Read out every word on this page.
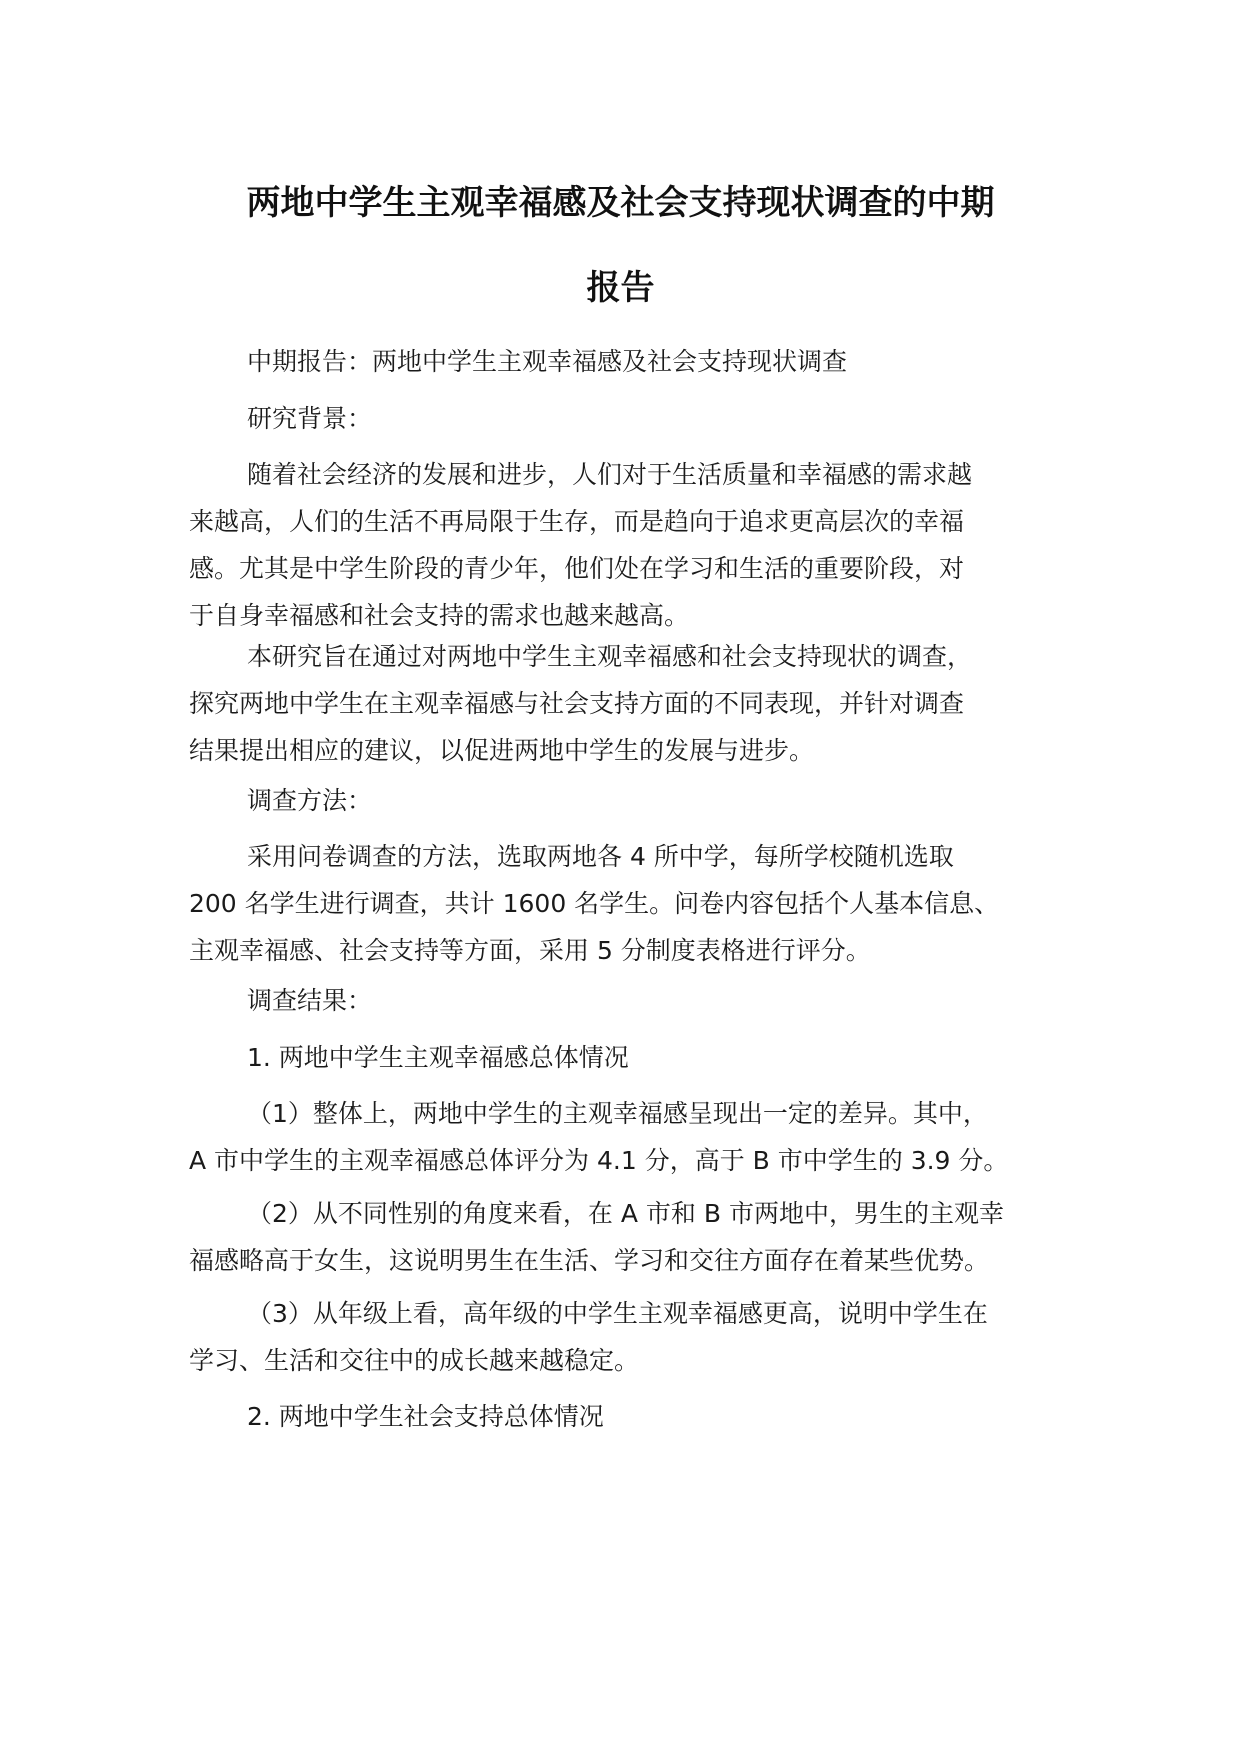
两地中学生主观幸福感及社会支持现状调查的中期
报告
中期报告：两地中学生主观幸福感及社会支持现状调查
研究背景：
随着社会经济的发展和进步，人们对于生活质量和幸福感的需求越
来越高，人们的生活不再局限于生存，而是趋向于追求更高层次的幸福
感。尤其是中学生阶段的青少年，他们处在学习和生活的重要阶段，对
于自身幸福感和社会支持的需求也越来越高。
本研究旨在通过对两地中学生主观幸福感和社会支持现状的调查，
探究两地中学生在主观幸福感与社会支持方面的不同表现，并针对调查
结果提出相应的建议，以促进两地中学生的发展与进步。
调查方法：
采用问卷调查的方法，选取两地各 4 所中学，每所学校随机选取
200 名学生进行调查，共计 1600 名学生。问卷内容包括个人基本信息、
主观幸福感、社会支持等方面，采用 5 分制度表格进行评分。
调查结果：
1. 两地中学生主观幸福感总体情况
（1）整体上，两地中学生的主观幸福感呈现出一定的差异。其中，
A 市中学生的主观幸福感总体评分为 4.1 分，高于 B 市中学生的 3.9 分。
（2）从不同性别的角度来看，在 A 市和 B 市两地中，男生的主观幸
福感略高于女生，这说明男生在生活、学习和交往方面存在着某些优势。
（3）从年级上看，高年级的中学生主观幸福感更高，说明中学生在
学习、生活和交往中的成长越来越稳定。
2. 两地中学生社会支持总体情况
